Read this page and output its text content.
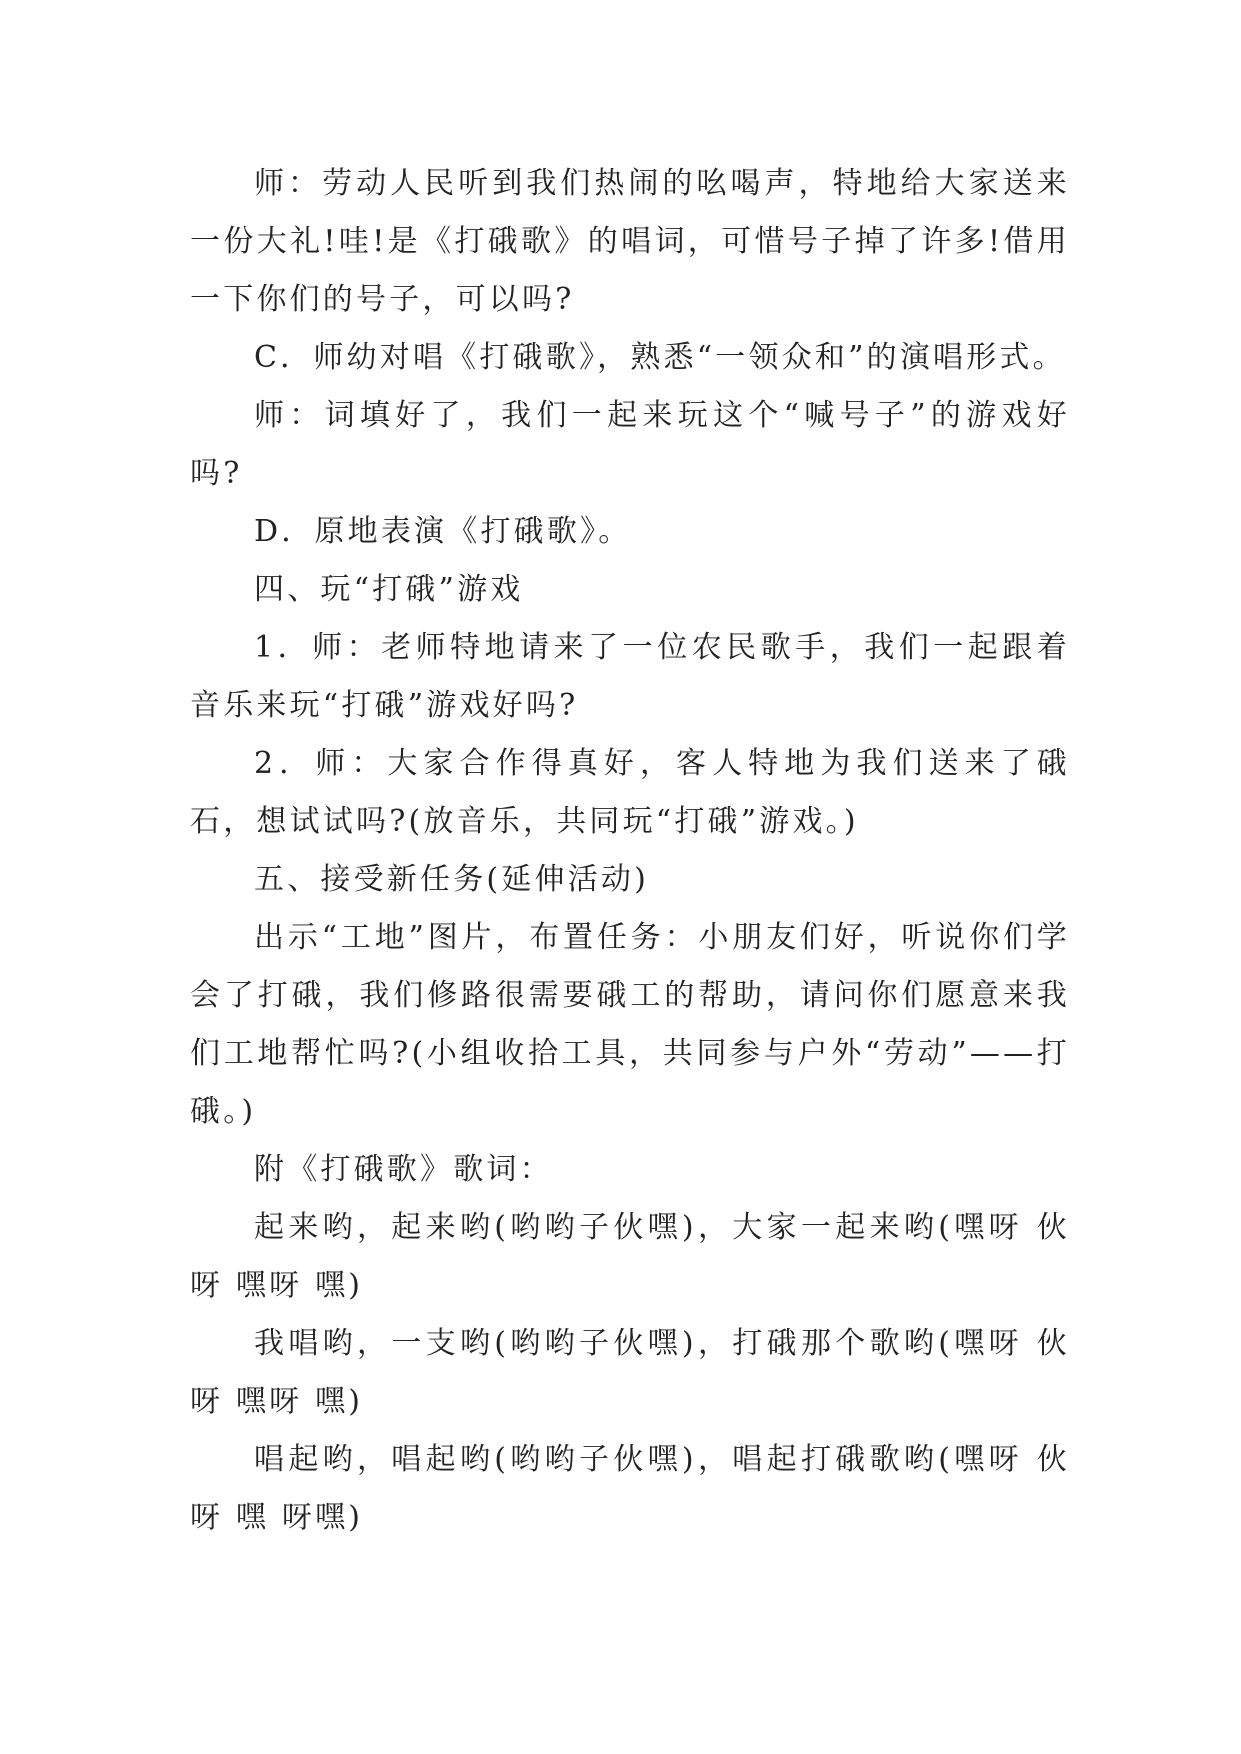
师：劳动人民听到我们热闹的吆喝声，特地给大家送来一份大礼!哇!是《打硪歌》的唱词，可惜号子掉了许多!借用一下你们的号子，可以吗?

C．师幼对唱《打硪歌》，熟悉“一领众和”的演唱形式。

师：词填好了，我们一起来玩这个“喊号子”的游戏好吗?

D．原地表演《打硪歌》。

四、玩“打硪”游戏

1．师：老师特地请来了一位农民歌手，我们一起跟着音乐来玩“打硪”游戏好吗?

2．师：大家合作得真好，客人特地为我们送来了硪石，想试试吗?(放音乐，共同玩“打硪”游戏。)

五、接受新任务(延伸活动)

出示“工地”图片，布置任务：小朋友们好，听说你们学会了打硪，我们修路很需要硪工的帮助，请问你们愿意来我们工地帮忙吗?(小组收拾工具，共同参与户外“劳动”——打硪。)

附《打硪歌》歌词：

起来哟，起来哟(哟哟子伙嘿)，大家一起来哟(嘿呀 伙呀 嘿呀 嘿)

我唱哟，一支哟(哟哟子伙嘿)，打硪那个歌哟(嘿呀 伙呀 嘿呀 嘿)

唱起哟，唱起哟(哟哟子伙嘿)，唱起打硪歌哟(嘿呀 伙呀 嘿 呀嘿)
